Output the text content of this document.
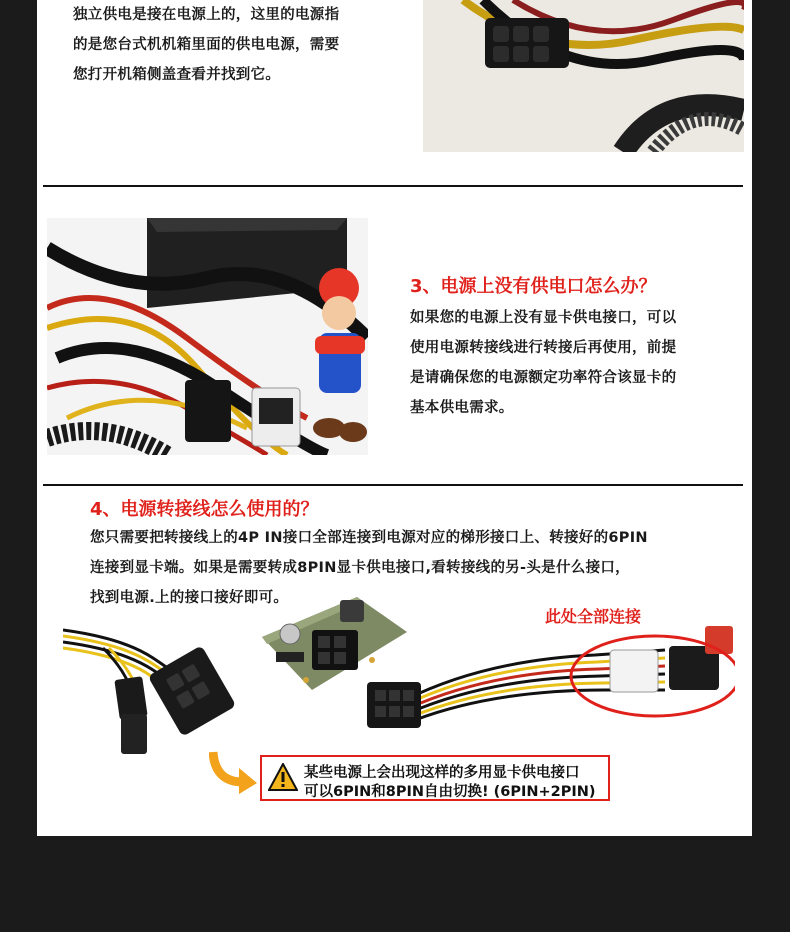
独立供电是接在电源上的，这里的电源指
的是您台式机机箱里面的供电电源，需要
您打开机箱侧盖查看并找到它。

3、电源上没有供电口怎么办？

如果您的电源上没有显卡供电接口，可以
使用电源转接线进行转接后再使用，前提
是请确保您的电源额定功率符合该显卡的
基本供电需求。

4、电源转接线怎么使用的？

您只需要把转接线上的4P IN接口全部连接到电源对应的梯形接口上、转接好的6PIN
连接到显卡端。如果是需要转成8PIN显卡供电接口,看转接线的另-头是什么接口，
找到电源.上的接口接好即可。

此处全部连接
某些电源上会出现这样的多用显卡供电接口
可以6PIN和8PIN自由切换! (6PIN+2PIN)
